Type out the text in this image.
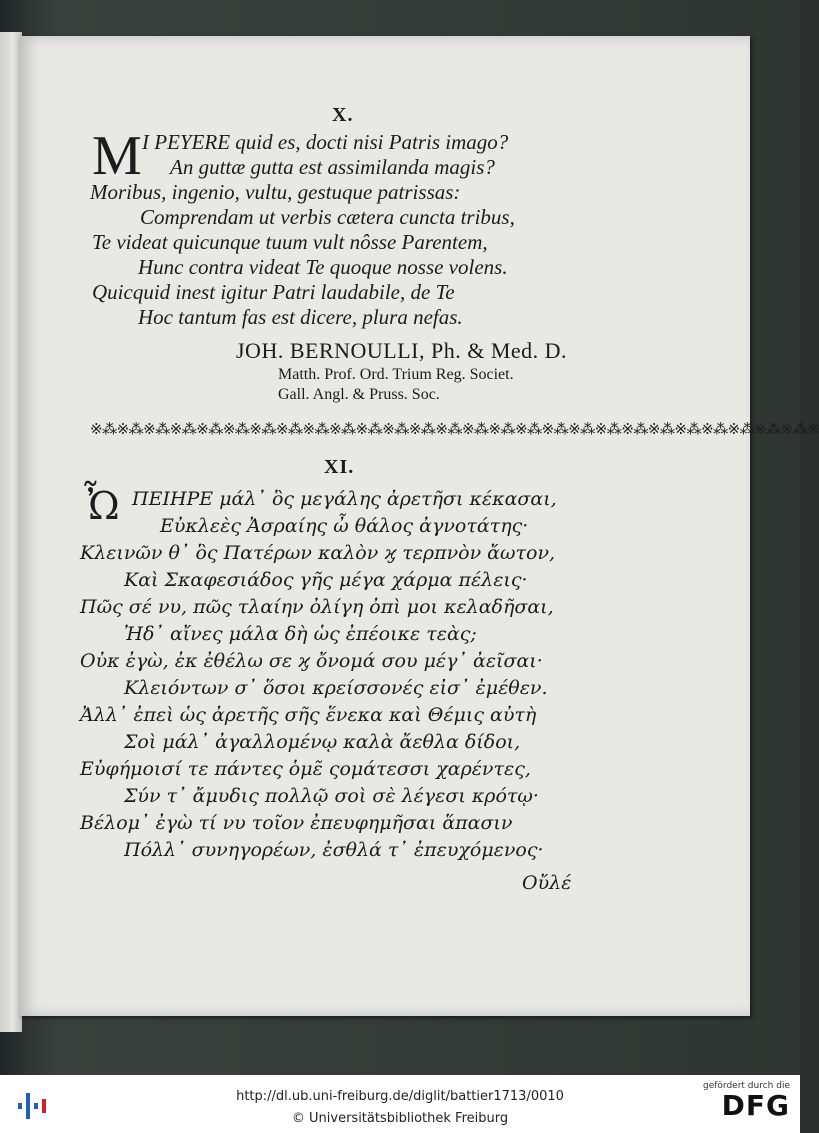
X.
M I PEYERE quid es, docti nisi Patris imago?
An guttæ gutta est assimilanda magis?
Moribus, ingenio, vultu, gestuque patrissas:
Comprendam ut verbis cætera cuncta tribus,
Te videat quicunque tuum vult nôsse Parentem,
Hunc contra videat Te quoque nosse volens.
Quicquid inest igitur Patri laudabile, de Te
Hoc tantum fas est dicere, plura nefas.
JOH. BERNOULLI, Ph. & Med. D.
Matth. Prof. Ord. Trium Reg. Societ.
Gall. Angl. & Pruss. Soc.
※⁂※⁂※⁂※⁂※⁂※⁂※⁂※⁂※⁂※⁂※⁂※⁂※⁂※⁂※⁂※⁂※⁂※⁂※⁂※⁂※⁂※⁂※⁂※⁂※⁂※⁂※⁂※
XI.
Ὦ ΠΕΙΗΡΕ μάλ᾽ ὃς μεγάλης ἀρετῆσι κέκασαι,
Εὐκλεὲς Ἀσραίης ὦ θάλος ἀγνοτάτης·
Κλεινῶν θ᾽ ὃς Πατέρων καλὸν ϗ τερπνὸν ἄωτον,
Καὶ Σκαφεσιάδος γῆς μέγα χάρμα πέλεις·
Πῶς σέ νυ, πῶς τλαίην ὀλίγη ὀπὶ μοι κελαδῆσαι,
Ἠδ᾽ αἴνες μάλα δὴ ὡς ἐπέοικε τεὰς;
Οὐκ ἐγὼ, ἐκ ἐθέλω σε ϗ ὄνομά σου μέγ᾽ ἀεῖσαι·
Κλειόντων σ᾽ ὅσοι κρείσσονές εἰσ᾽ ἐμέθεν.
Ἀλλ᾽ ἐπεὶ ὡς ἀρετῆς σῆς ἕνεκα καὶ Θέμις αὐτὴ
Σοὶ μάλ᾽ ἀγαλλομένῳ καλὰ ἄεθλα δίδοι,
Εὐφήμοισί τε πάντες ὁμε̃ ςομάτεσσι χαρέντες,
Σύν τ᾽ ἄμυδις πολλῷ σοὶ σὲ λέγεσι κρότῳ·
Βέλομ᾽ ἐγὼ τί νυ τοῖον ἐπευφημῆσαι ἅπασιν
Πόλλ᾽ συνηγορέων, ἐσθλά τ᾽ ἐπευχόμενος·
Οὔλέ
http://dl.ub.uni-freiburg.de/diglit/battier1713/0010
© Universitätsbibliothek Freiburg
gefördert durch die
DFG
